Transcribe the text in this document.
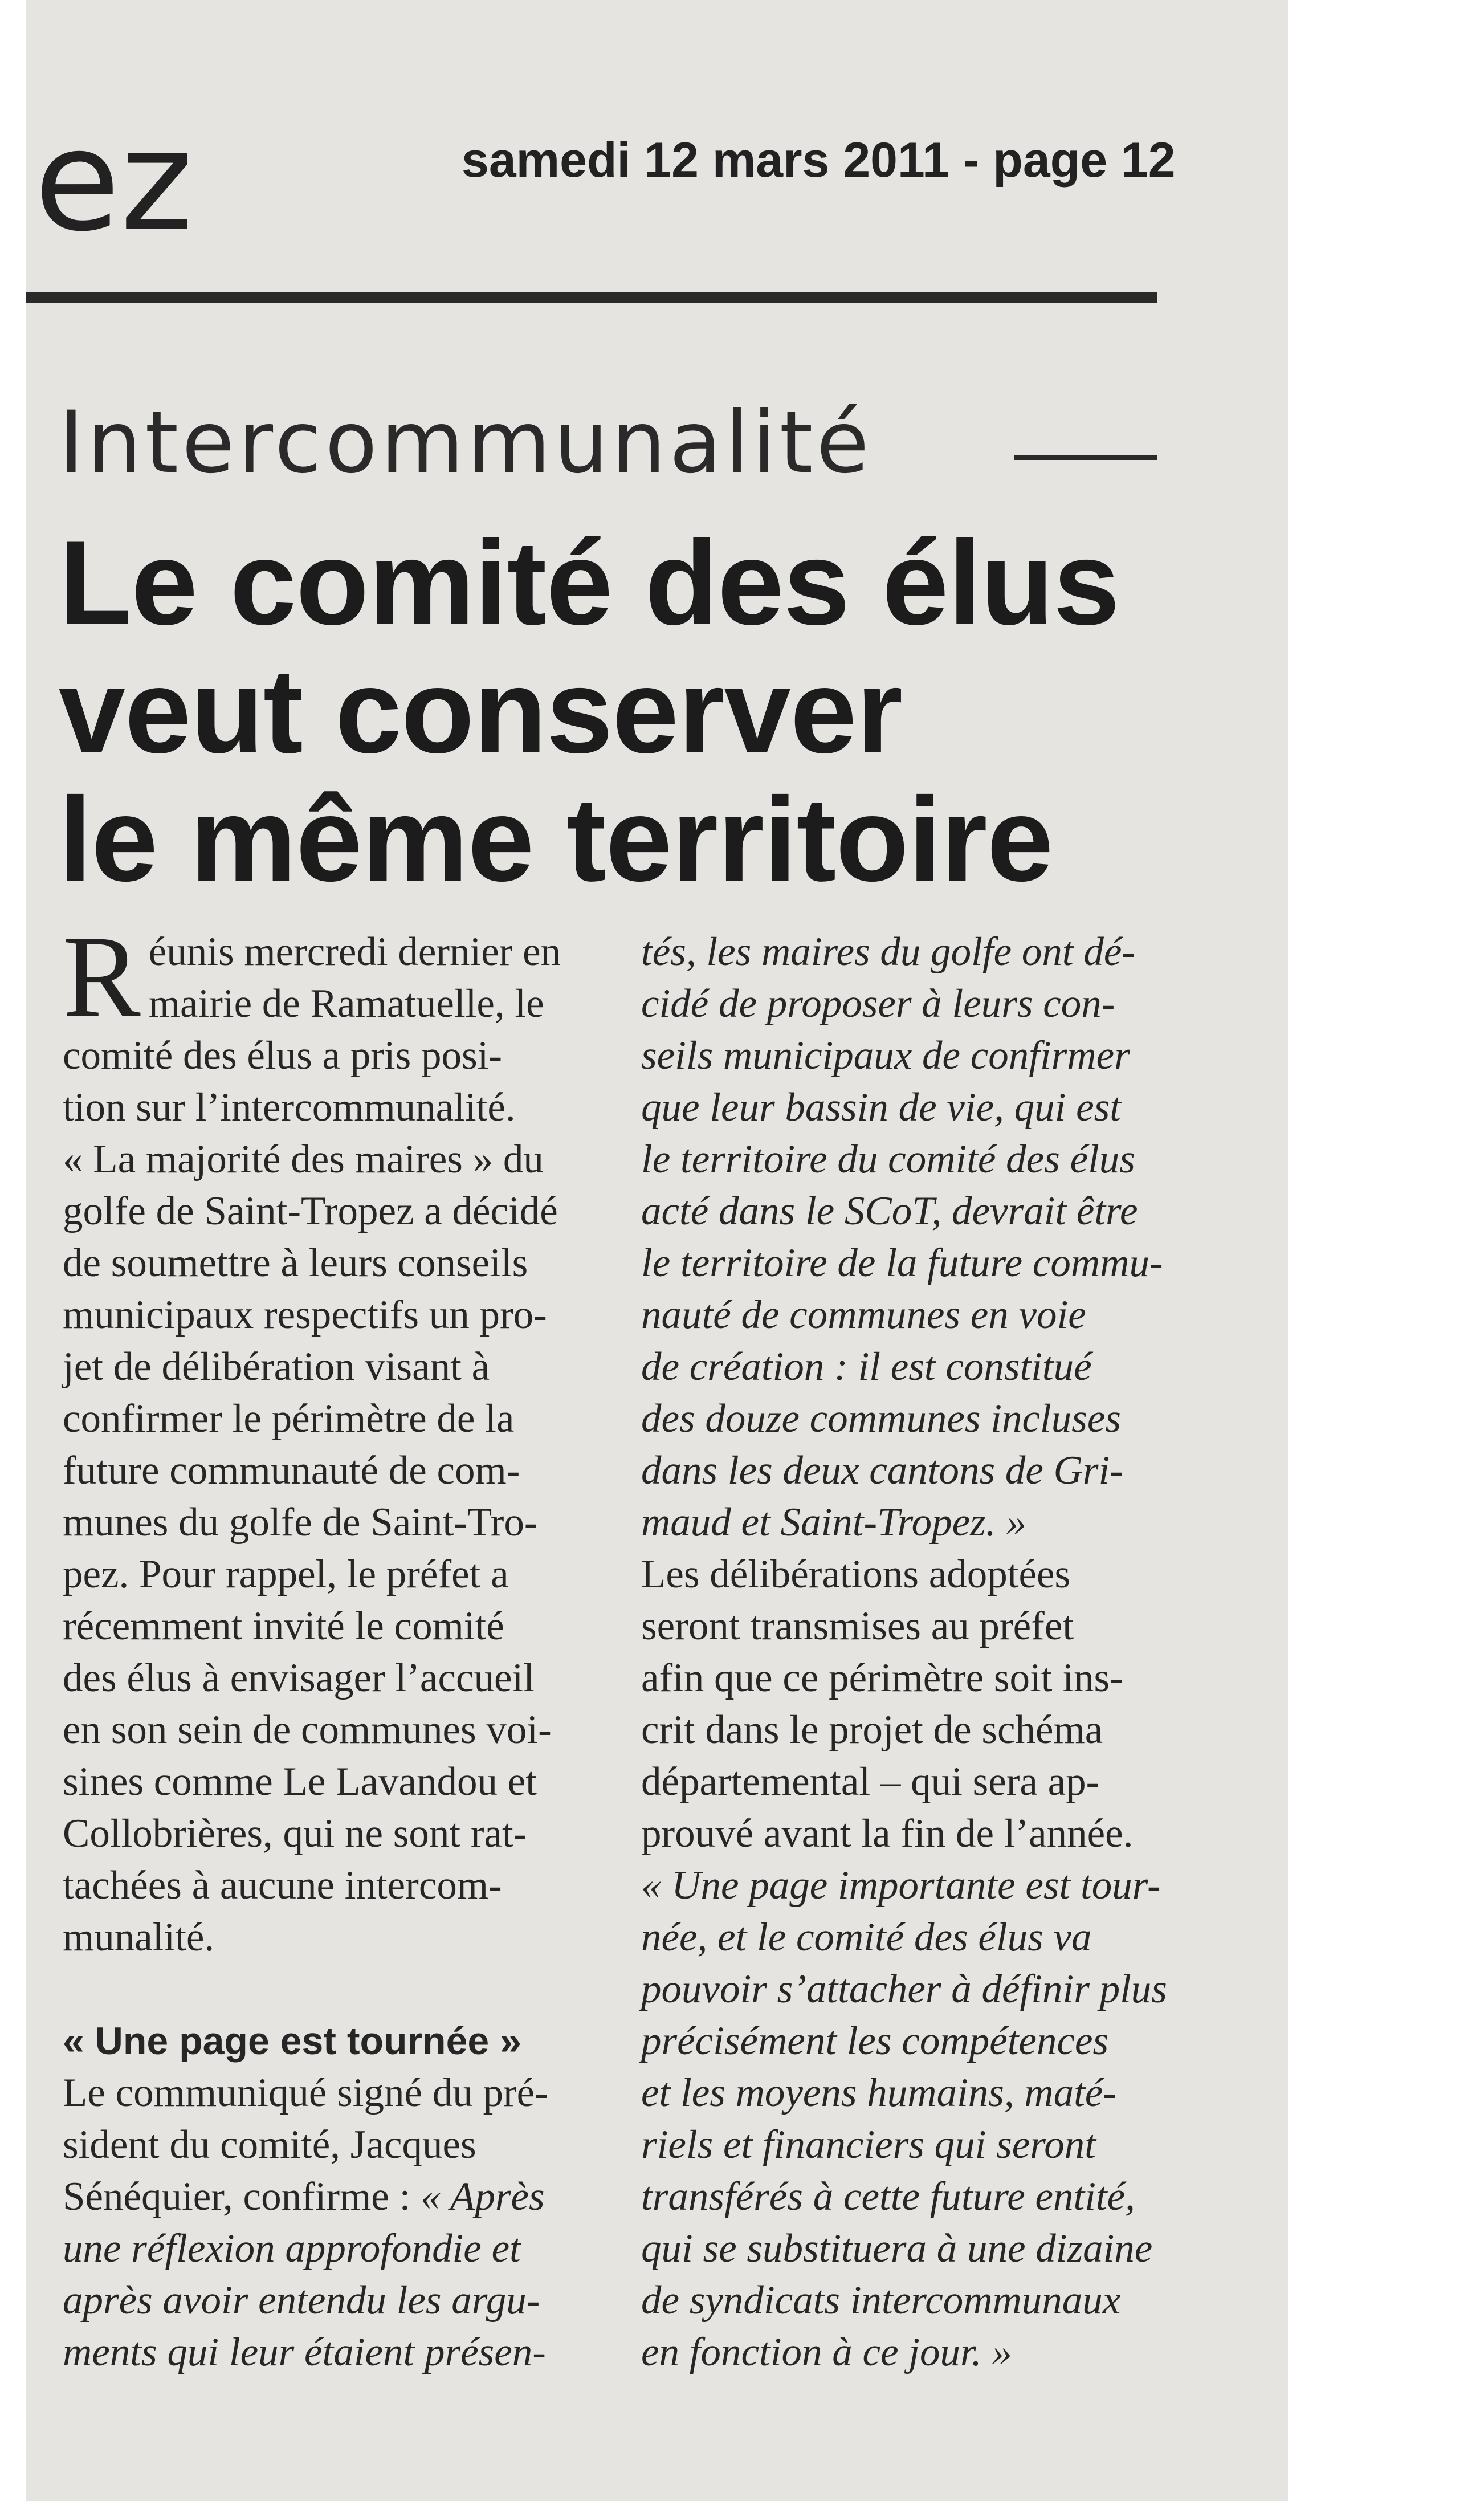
ez	samedi 12 mars 2011 - page 12
Intercommunalité
Le comité des élus
veut conserver
le même territoire
R éunis mercredi dernier en
mairie de Ramatuelle, le
comité des élus a pris posi-
tion sur l’intercommunalité.
« La majorité des maires » du
golfe de Saint-Tropez a décidé
de soumettre à leurs conseils
municipaux respectifs un pro-
jet de délibération visant à
confirmer le périmètre de la
future communauté de com-
munes du golfe de Saint-Tro-
pez. Pour rappel, le préfet a
récemment invité le comité
des élus à envisager l’accueil
en son sein de communes voi-
sines comme Le Lavandou et
Collobrières, qui ne sont rat-
tachées à aucune intercom-
munalité.
« Une page est tournée »
Le communiqué signé du pré-
sident du comité, Jacques
Sénéquier, confirme : « Après
une réflexion approfondie et
après avoir entendu les argu-
ments qui leur étaient présen-
tés, les maires du golfe ont dé-
cidé de proposer à leurs con-
seils municipaux de confirmer
que leur bassin de vie, qui est
le territoire du comité des élus
acté dans le SCoT, devrait être
le territoire de la future commu-
nauté de communes en voie
de création : il est constitué
des douze communes incluses
dans les deux cantons de Gri-
maud et Saint-Tropez. »
Les délibérations adoptées
seront transmises au préfet
afin que ce périmètre soit ins-
crit dans le projet de schéma
départemental – qui sera ap-
prouvé avant la fin de l’année.
« Une page importante est tour-
née, et le comité des élus va
pouvoir s’attacher à définir plus
précisément les compétences
et les moyens humains, maté-
riels et financiers qui seront
transférés à cette future entité,
qui se substituera à une dizaine
de syndicats intercommunaux
en fonction à ce jour. »
